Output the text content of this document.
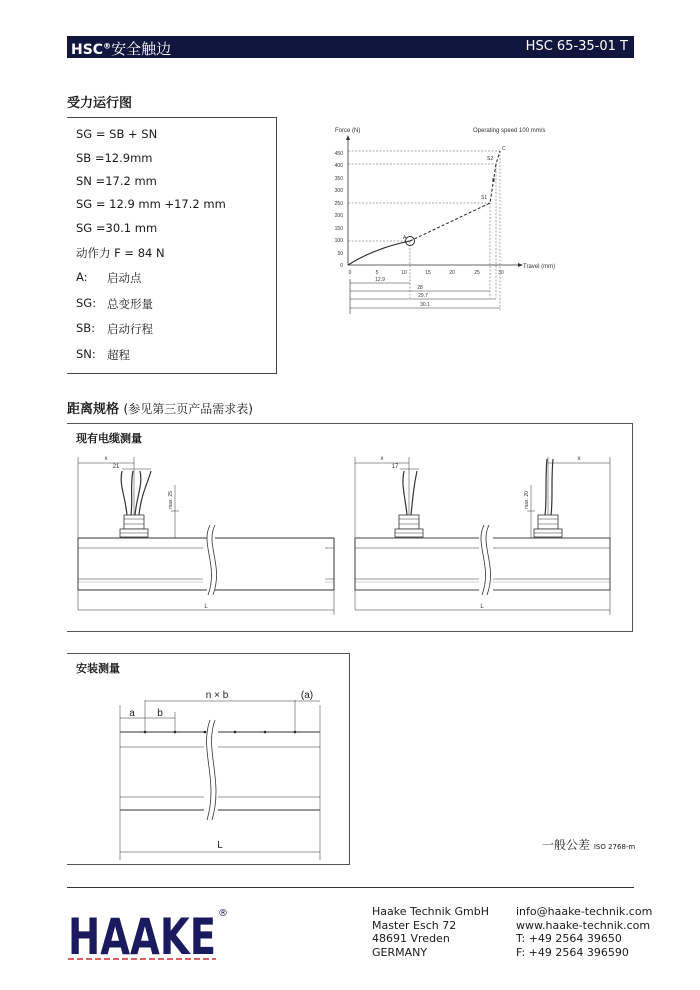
HSC®安全触边	HSC 65-35-01 T
受力运行图
SG = SB + SN
SB =12.9mm
SN =17.2 mm
SG = 12.9 mm +17.2 mm
SG =30.1 mm
动作力 F = 84 N
A: 启动点
SG: 总变形量
SB: 启动行程
SN: 超程
Force (N)	Operating speed 100 mm/s
Travel (mm)
450
400
350
300
250
200
150
100
50
0
0	5	10	15	20	25	30
A
S1
S2
C
B
12.9
28
29.7
30.1
距离规格 (参见第三页产品需求表)
现有电缆测量
x
21
max. 25
L
x
17
x
max. 20
L
安装测量
a b
n × b	(a)
L	一般公差 ISO 2768-m
HAAKE ®	Haake Technik GmbH
Master Esch 72
48691 Vreden
GERMANY
info@haake-technik.com
www.haake-technik.com
T: +49 2564 39650
F: +49 2564 396590
